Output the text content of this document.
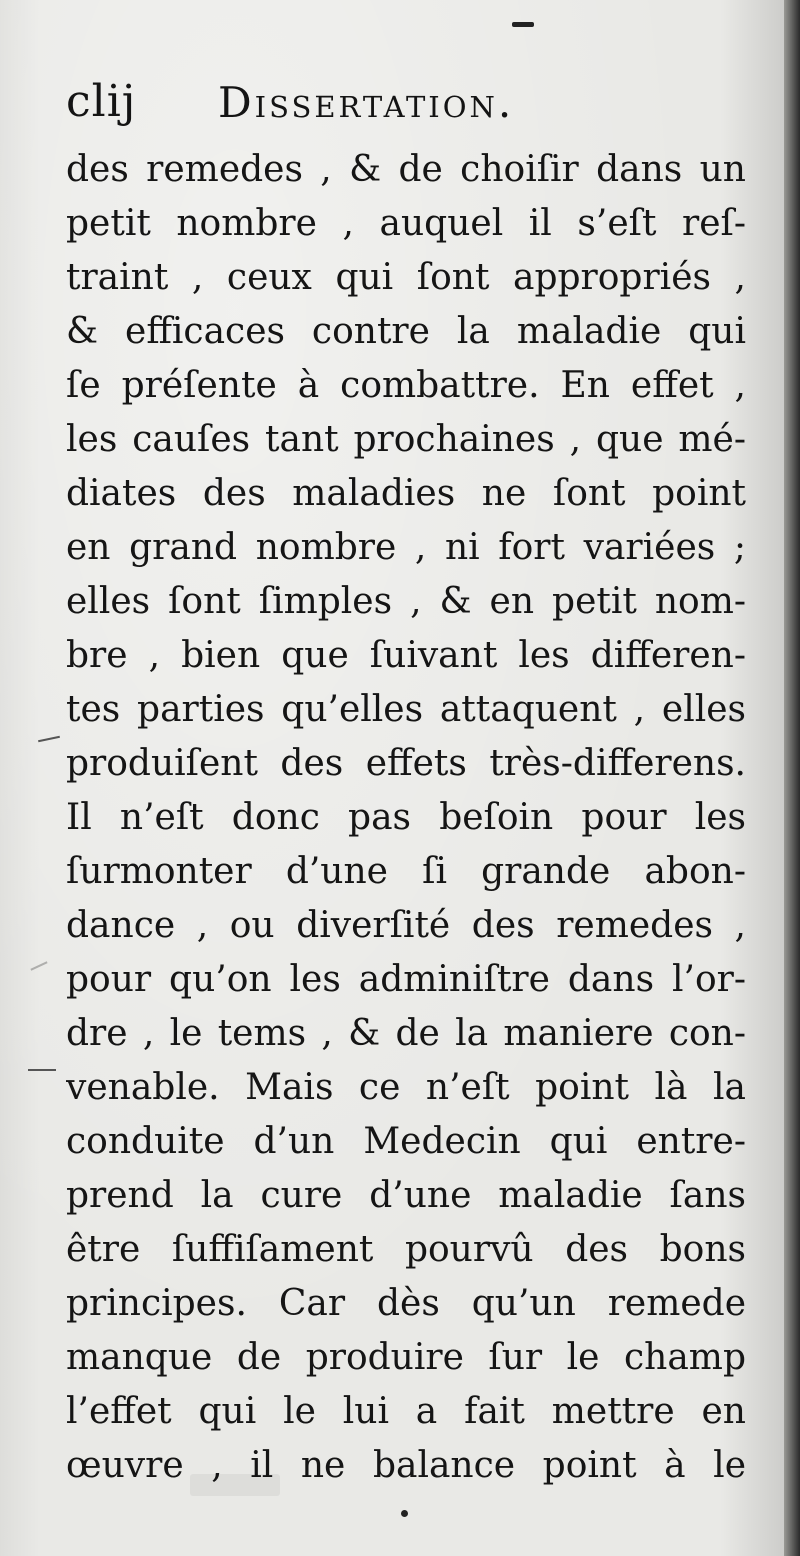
clij Dissertation.
des remedes , & de choiſir dans un
petit nombre , auquel il s’eſt reſ-
traint , ceux qui ſont appropriés ,
& efficaces contre la maladie qui
ſe préſente à combattre. En effet ,
les cauſes tant prochaines , que mé-
diates des maladies ne ſont point
en grand nombre , ni fort variées ;
elles ſont ſimples , & en petit nom-
bre , bien que ſuivant les differen-
tes parties qu’elles attaquent , elles
produiſent des effets très-differens.
Il n’eſt donc pas beſoin pour les
ſurmonter d’une ſi grande abon-
dance , ou diverſité des remedes ,
pour qu’on les adminiſtre dans l’or-
dre , le tems , & de la maniere con-
venable. Mais ce n’eſt point là la
conduite d’un Medecin qui entre-
prend la cure d’une maladie ſans
être ſuffiſament pourvû des bons
principes. Car dès qu’un remede
manque de produire ſur le champ
l’effet qui le lui a fait mettre en
œuvre , il ne balance point à le
